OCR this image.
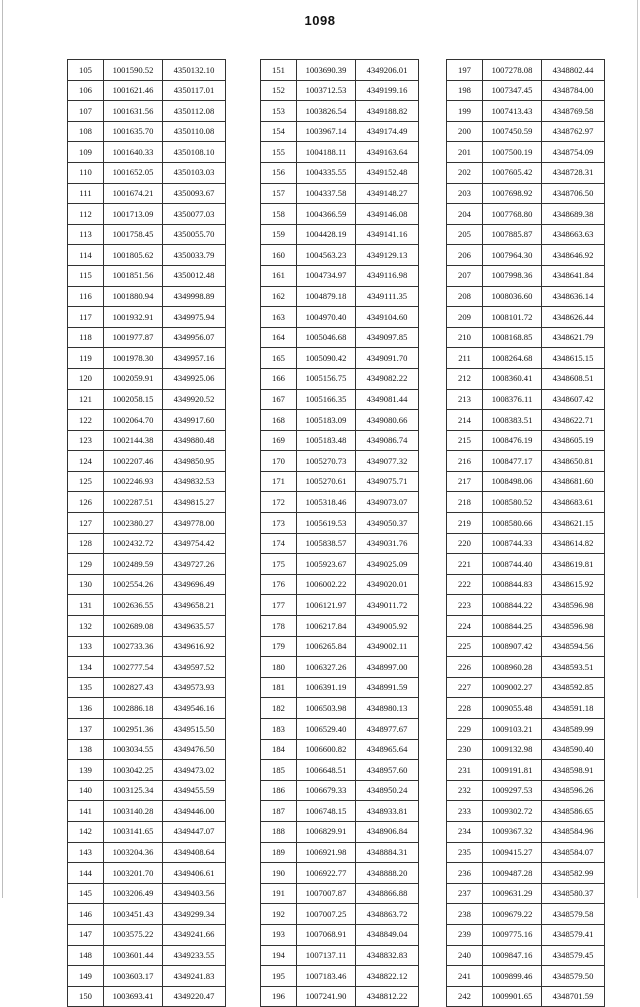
1098
105	1001590.52	4350132.10
106	1001621.46	4350117.01
107	1001631.56	4350112.08
108	1001635.70	4350110.08
109	1001640.33	4350108.10
110	1001652.05	4350103.03
111	1001674.21	4350093.67
112	1001713.09	4350077.03
113	1001758.45	4350055.70
114	1001805.62	4350033.79
115	1001851.56	4350012.48
116	1001880.94	4349998.89
117	1001932.91	4349975.94
118	1001977.87	4349956.07
119	1001978.30	4349957.16
120	1002059.91	4349925.06
121	1002058.15	4349920.52
122	1002064.70	4349917.60
123	1002144.38	4349880.48
124	1002207.46	4349850.95
125	1002246.93	4349832.53
126	1002287.51	4349815.27
127	1002380.27	4349778.00
128	1002432.72	4349754.42
129	1002489.59	4349727.26
130	1002554.26	4349696.49
131	1002636.55	4349658.21
132	1002689.08	4349635.57
133	1002733.36	4349616.92
134	1002777.54	4349597.52
135	1002827.43	4349573.93
136	1002886.18	4349546.16
137	1002951.36	4349515.50
138	1003034.55	4349476.50
139	1003042.25	4349473.02
140	1003125.34	4349455.59
141	1003140.28	4349446.00
142	1003141.65	4349447.07
143	1003204.36	4349408.64
144	1003201.70	4349406.61
145	1003206.49	4349403.56
146	1003451.43	4349299.34
147	1003575.22	4349241.66
148	1003601.44	4349233.55
149	1003603.17	4349241.83
150	1003693.41	4349220.47
151	1003690.39	4349206.01
152	1003712.53	4349199.16
153	1003826.54	4349188.82
154	1003967.14	4349174.49
155	1004188.11	4349163.64
156	1004335.55	4349152.48
157	1004337.58	4349148.27
158	1004366.59	4349146.08
159	1004428.19	4349141.16
160	1004563.23	4349129.13
161	1004734.97	4349116.98
162	1004879.18	4349111.35
163	1004970.40	4349104.60
164	1005046.68	4349097.85
165	1005090.42	4349091.70
166	1005156.75	4349082.22
167	1005166.35	4349081.44
168	1005183.09	4349080.66
169	1005183.48	4349086.74
170	1005270.73	4349077.32
171	1005270.61	4349075.71
172	1005318.46	4349073.07
173	1005619.53	4349050.37
174	1005838.57	4349031.76
175	1005923.67	4349025.09
176	1006002.22	4349020.01
177	1006121.97	4349011.72
178	1006217.84	4349005.92
179	1006265.84	4349002.11
180	1006327.26	4348997.00
181	1006391.19	4348991.59
182	1006503.98	4348980.13
183	1006529.40	4348977.67
184	1006600.82	4348965.64
185	1006648.51	4348957.60
186	1006679.33	4348950.24
187	1006748.15	4348933.81
188	1006829.91	4348906.84
189	1006921.98	4348884.31
190	1006922.77	4348888.20
191	1007007.87	4348866.88
192	1007007.25	4348863.72
193	1007068.91	4348849.04
194	1007137.11	4348832.83
195	1007183.46	4348822.12
196	1007241.90	4348812.22
197	1007278.08	4348802.44
198	1007347.45	4348784.00
199	1007413.43	4348769.58
200	1007450.59	4348762.97
201	1007500.19	4348754.09
202	1007605.42	4348728.31
203	1007698.92	4348706.50
204	1007768.80	4348689.38
205	1007885.87	4348663.63
206	1007964.30	4348646.92
207	1007998.36	4348641.84
208	1008036.60	4348636.14
209	1008101.72	4348626.44
210	1008168.85	4348621.79
211	1008264.68	4348615.15
212	1008360.41	4348608.51
213	1008376.11	4348607.42
214	1008383.51	4348622.71
215	1008476.19	4348605.19
216	1008477.17	4348650.81
217	1008498.06	4348681.60
218	1008580.52	4348683.61
219	1008580.66	4348621.15
220	1008744.33	4348614.82
221	1008744.40	4348619.81
222	1008844.83	4348615.92
223	1008844.22	4348596.98
224	1008844.25	4348596.98
225	1008907.42	4348594.56
226	1008960.28	4348593.51
227	1009002.27	4348592.85
228	1009055.48	4348591.18
229	1009103.21	4348589.99
230	1009132.98	4348590.40
231	1009191.81	4348598.91
232	1009297.53	4348596.26
233	1009302.72	4348586.65
234	1009367.32	4348584.96
235	1009415.27	4348584.07
236	1009487.28	4348582.99
237	1009631.29	4348580.37
238	1009679.22	4348579.58
239	1009775.16	4348579.41
240	1009847.16	4348579.45
241	1009899.46	4348579.50
242	1009901.65	4348701.59
